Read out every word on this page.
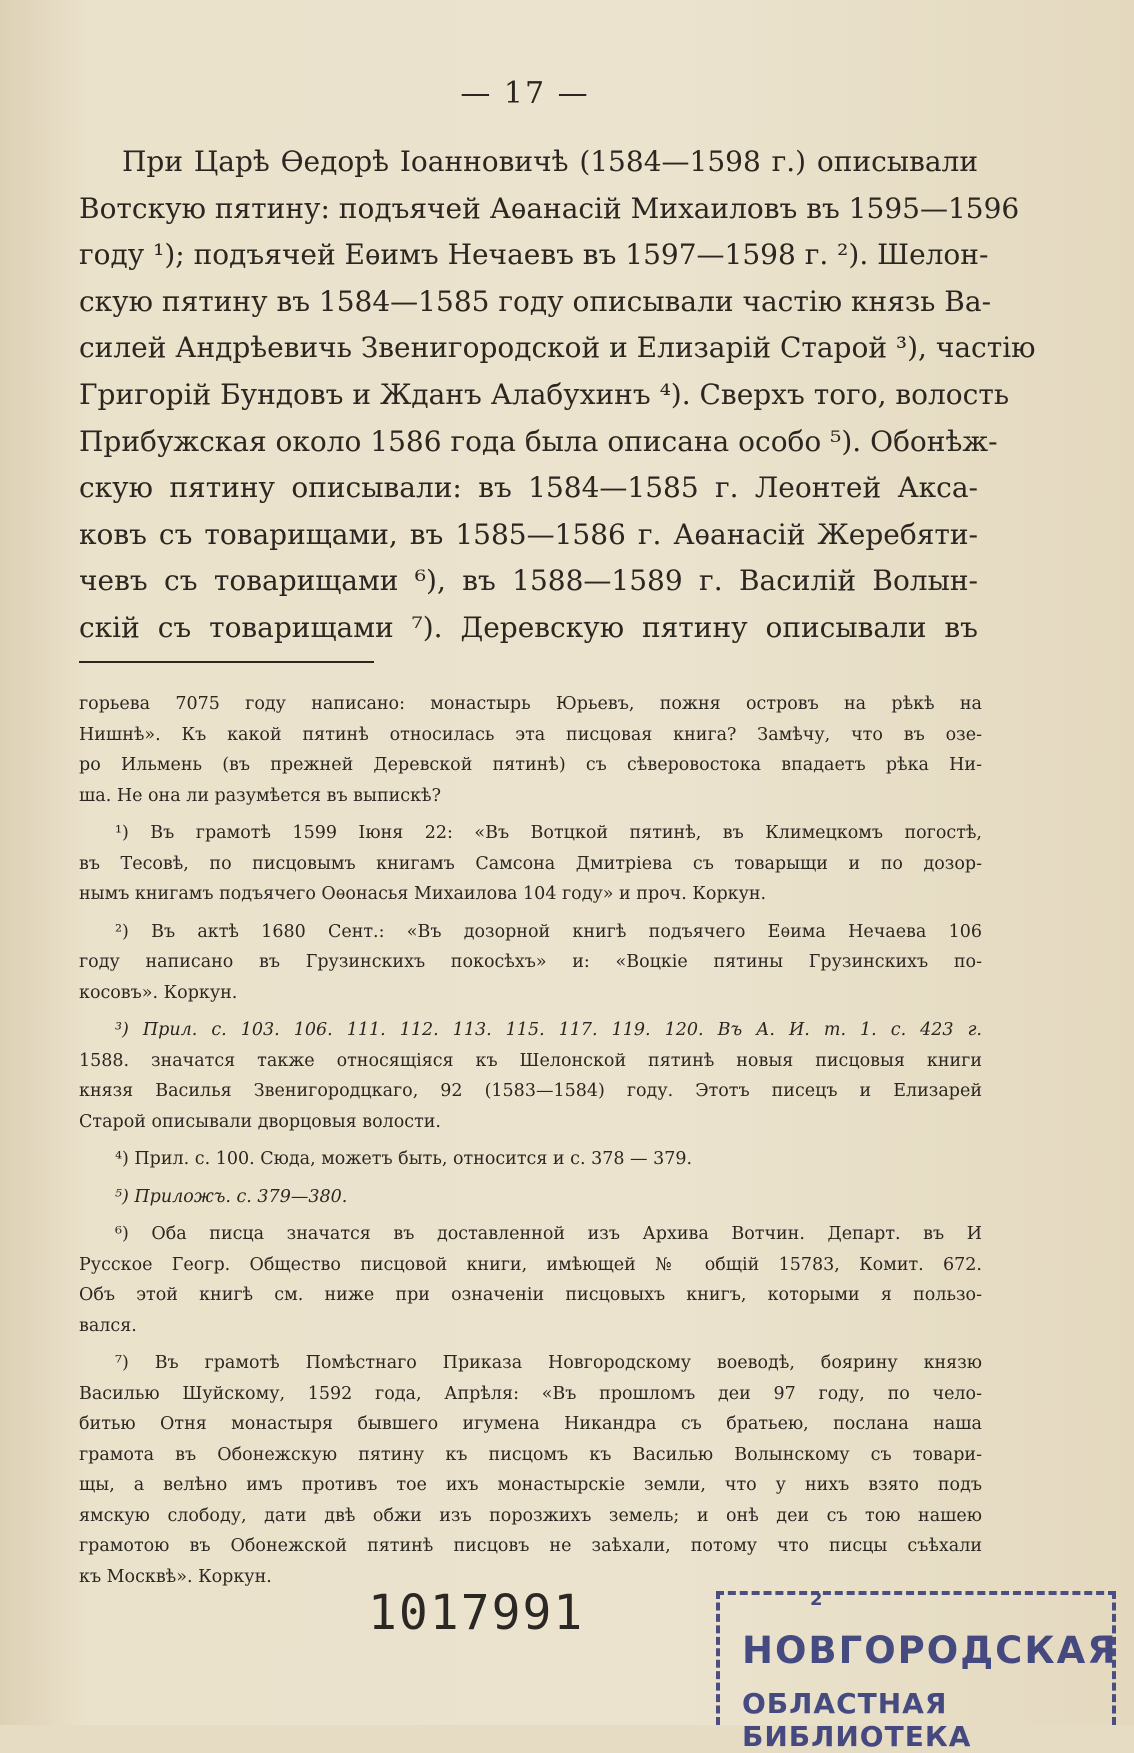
— 17 —
При Царѣ Ѳедорѣ Іоанновичѣ (1584—1598 г.) описывали
Вотскую пятину: подъячей Аѳанасій Михаиловъ въ 1595—1596
году ¹); подъячей Еѳимъ Нечаевъ въ 1597—1598 г. ²). Шелон-
скую пятину въ 1584—1585 году описывали частію князь Ва-
силей Андрѣевичь Звенигородской и Елизарій Старой ³), частію
Григорій Бундовъ и Жданъ Алабухинъ ⁴). Сверхъ того, волость
Прибужская около 1586 года была описана особо ⁵). Обонѣж-
скую пятину описывали: въ 1584—1585 г. Леонтей Акса-
ковъ съ товарищами, въ 1585—1586 г. Аѳанасій Жеребяти-
чевъ съ товарищами ⁶), въ 1588—1589 г. Василій Волын-
скій съ товарищами ⁷). Деревскую пятину описывали въ
горьева 7075 году написано: монастырь Юрьевъ, пожня островъ на рѣкѣ на
Нишнѣ». Къ какой пятинѣ относилась эта писцовая книга? Замѣчу, что въ озе-
ро Ильмень (въ прежней Деревской пятинѣ) съ сѣверовостока впадаетъ рѣка Ни-
ша. Не она ли разумѣется въ выпискѣ?
¹) Въ грамотѣ 1599 Іюня 22: «Въ Вотцкой пятинѣ, въ Климецкомъ погостѣ,
въ Тесовѣ, по писцовымъ книгамъ Самсона Дмитріева съ товарыщи и по дозор-
нымъ книгамъ подъячего Оѳонасья Михаилова 104 году» и проч. Коркун.
²) Въ актѣ 1680 Сент.: «Въ дозорной книгѣ подъячего Еѳима Нечаева 106
году написано въ Грузинскихъ покосѣхъ» и: «Воцкіе пятины Грузинскихъ по-
косовъ». Коркун.
³) Прил. с. 103. 106. 111. 112. 113. 115. 117. 119. 120. Въ А. И. т. 1. с. 423 г.
1588. значатся также относящіяся къ Шелонской пятинѣ новыя писцовыя книги
князя Василья Звенигородцкаго, 92 (1583—1584) году. Этотъ писецъ и Елизарей
Старой описывали дворцовыя волости.
⁴) Прил. с. 100. Сюда, можетъ быть, относится и с. 378 — 379.
⁵) Приложъ. с. 379—380.
⁶) Оба писца значатся въ доставленной изъ Архива Вотчин. Департ. въ И
Русское Геогр. Общество писцовой книги, имѣющей № общій 15783, Комит. 672.
Объ этой книгѣ см. ниже при означеніи писцовыхъ книгъ, которыми я пользо-
вался.
⁷) Въ грамотѣ Помѣстнаго Приказа Новгородскому воеводѣ, боярину князю
Василью Шуйскому, 1592 года, Апрѣля: «Въ прошломъ деи 97 году, по чело-
битью Отня монастыря бывшего игумена Никандра съ братьею, послана наша
грамота въ Обонежскую пятину къ писцомъ къ Василью Волынскому съ товари-
щы, а велѣно имъ противъ тое ихъ монастырскіе земли, что у нихъ взято подъ
ямскую слободу, дати двѣ обжи изъ порозжихъ земель; и онѣ деи съ тою нашею
грамотою въ Обонежской пятинѣ писцовъ не заѣхали, потому что писцы съѣхали
къ Москвѣ». Коркун.
1017991	2
НОВГОРОДСКАЯ
ОБЛАСТНАЯ БИБЛИОТЕКА
